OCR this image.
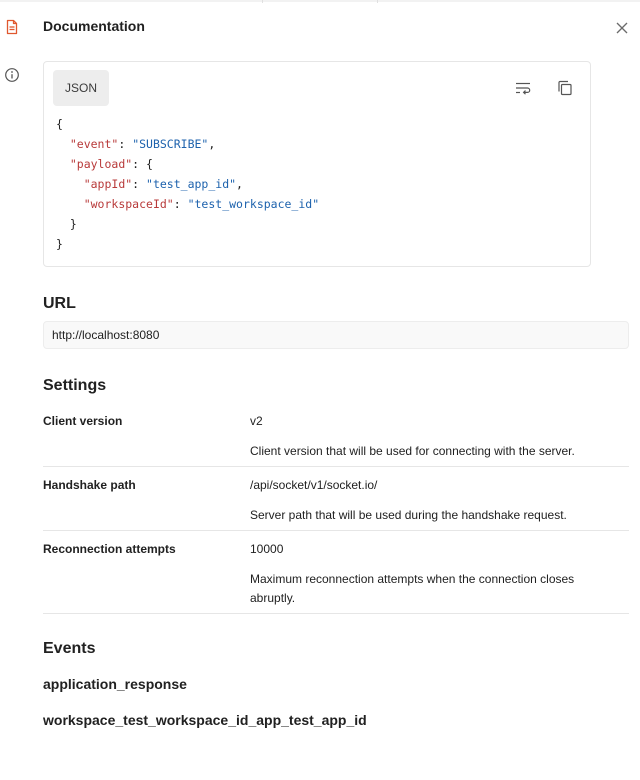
Documentation
JSON
{
"event": "SUBSCRIBE",
"payload": {
"appId": "test_app_id",
"workspaceId": "test_workspace_id"
}
}
URL
http://localhost:8080
Settings
Client version	v2
Client version that will be used for connecting with the server.
Handshake path	/api/socket/v1/socket.io/
Server path that will be used during the handshake request.
Reconnection attempts	10000
Maximum reconnection attempts when the connection closes abruptly.
Events
application_response
workspace_test_workspace_id_app_test_app_id
